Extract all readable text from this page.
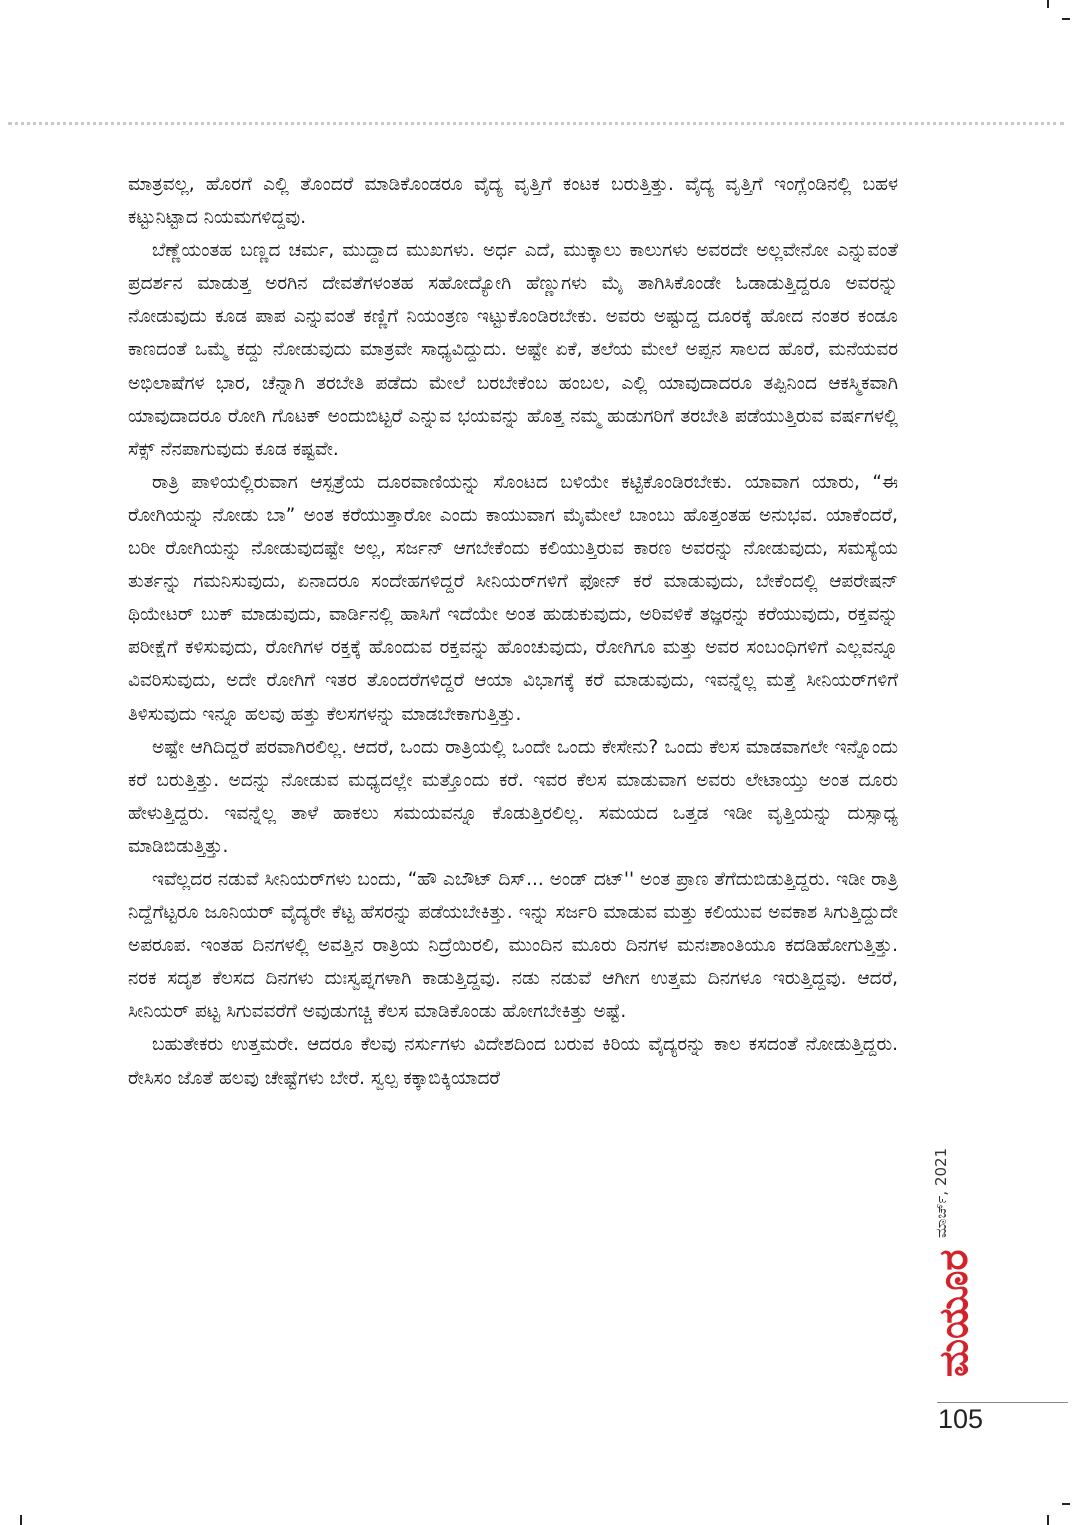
ಮಾತ್ರವಲ್ಲ, ಹೊರಗೆ ಎಲ್ಲಿ ತೊಂದರೆ ಮಾಡಿಕೊಂಡರೂ ವೈದ್ಯ ವೃತ್ತಿಗೆ ಕಂಟಕ ಬರುತ್ತಿತ್ತು. ವೈದ್ಯ ವೃತ್ತಿಗೆ ಇಂಗ್ಲೆಂಡಿನಲ್ಲಿ ಬಹಳ ಕಟ್ಟುನಿಟ್ಟಾದ ನಿಯಮಗಳಿದ್ದವು.

ಬೆಣ್ಣೆಯಂತಹ ಬಣ್ಣದ ಚರ್ಮ, ಮುದ್ದಾದ ಮುಖಗಳು. ಅರ್ಧ ಎದೆ, ಮುಕ್ಕಾಲು ಕಾಲುಗಳು ಅವರದೇ ಅಲ್ಲವೇನೋ ಎನ್ನುವಂತೆ ಪ್ರದರ್ಶನ ಮಾಡುತ್ತ ಅರಗಿನ ದೇವತೆಗಳಂತಹ ಸಹೋದ್ಯೋಗಿ ಹೆಣ್ಣುಗಳು ಮೈ ತಾಗಿಸಿಕೊಂಡೇ ಓಡಾಡುತ್ತಿದ್ದರೂ ಅವರನ್ನು ನೋಡುವುದು ಕೂಡ ಪಾಪ ಎನ್ನುವಂತೆ ಕಣ್ಣಿಗೆ ನಿಯಂತ್ರಣ ಇಟ್ಟುಕೊಂಡಿರಬೇಕು. ಅವರು ಅಷ್ಟುದ್ದ ದೂರಕ್ಕೆ ಹೋದ ನಂತರ ಕಂಡೂ ಕಾಣದಂತೆ ಒಮ್ಮೆ ಕದ್ದು ನೋಡುವುದು ಮಾತ್ರವೇ ಸಾಧ್ಯವಿದ್ದುದು. ಅಷ್ಟೇ ಏಕೆ, ತಲೆಯ ಮೇಲೆ ಅಪ್ಪನ ಸಾಲದ ಹೊರೆ, ಮನೆಯವರ ಅಭಿಲಾಷೆಗಳ ಭಾರ, ಚೆನ್ನಾಗಿ ತರಬೇತಿ ಪಡೆದು ಮೇಲೆ ಬರಬೇಕೆಂಬ ಹಂಬಲ, ಎಲ್ಲಿ ಯಾವುದಾದರೂ ತಪ್ಪಿನಿಂದ ಆಕಸ್ಮಿಕವಾಗಿ ಯಾವುದಾದರೂ ರೋಗಿ ಗೊಟಕ್ ಅಂದುಬಿಟ್ಟರೆ ಎನ್ನುವ ಭಯವನ್ನು ಹೊತ್ತ ನಮ್ಮ ಹುಡುಗರಿಗೆ ತರಬೇತಿ ಪಡೆಯುತ್ತಿರುವ ವರ್ಷಗಳಲ್ಲಿ ಸೆಕ್ಸ್ ನೆನಪಾಗುವುದು ಕೂಡ ಕಷ್ಟವೇ.

ರಾತ್ರಿ ಪಾಳಿಯಲ್ಲಿರುವಾಗ ಆಸ್ಪತ್ರೆಯ ದೂರವಾಣಿಯನ್ನು ಸೊಂಟದ ಬಳಿಯೇ ಕಟ್ಟಿಕೊಂಡಿರಬೇಕು. ಯಾವಾಗ ಯಾರು, “ಈ ರೋಗಿಯನ್ನು ನೋಡು ಬಾ” ಅಂತ ಕರೆಯುತ್ತಾರೋ ಎಂದು ಕಾಯುವಾಗ ಮೈಮೇಲೆ ಬಾಂಬು ಹೊತ್ತಂತಹ ಅನುಭವ. ಯಾಕೆಂದರೆ, ಬರೀ ರೋಗಿಯನ್ನು ನೋಡುವುದಷ್ಟೇ ಅಲ್ಲ, ಸರ್ಜನ್ ಆಗಬೇಕೆಂದು ಕಲಿಯುತ್ತಿರುವ ಕಾರಣ ಅವರನ್ನು ನೋಡುವುದು, ಸಮಸ್ಯೆಯ ತುರ್ತನ್ನು ಗಮನಿಸುವುದು, ಏನಾದರೂ ಸಂದೇಹಗಳಿದ್ದರೆ ಸೀನಿಯರ್‌ಗಳಿಗೆ ಫೋನ್ ಕರೆ ಮಾಡುವುದು, ಬೇಕೆಂದಲ್ಲಿ ಆಪರೇಷನ್ ಥಿಯೇಟರ್ ಬುಕ್ ಮಾಡುವುದು, ವಾರ್ಡಿನಲ್ಲಿ ಹಾಸಿಗೆ ಇದೆಯೇ ಅಂತ ಹುಡುಕುವುದು, ಅರಿವಳಿಕೆ ತಜ್ಞರನ್ನು ಕರೆಯುವುದು, ರಕ್ತವನ್ನು ಪರೀಕ್ಷೆಗೆ ಕಳಿಸುವುದು, ರೋಗಿಗಳ ರಕ್ತಕ್ಕೆ ಹೊಂದುವ ರಕ್ತವನ್ನು ಹೊಂಚುವುದು, ರೋಗಿಗೂ ಮತ್ತು ಅವರ ಸಂಬಂಧಿಗಳಿಗೆ ಎಲ್ಲವನ್ನೂ ವಿವರಿಸುವುದು, ಅದೇ ರೋಗಿಗೆ ಇತರ ತೊಂದರೆಗಳಿದ್ದರೆ ಆಯಾ ವಿಭಾಗಕ್ಕೆ ಕರೆ ಮಾಡುವುದು, ಇವನ್ನೆಲ್ಲ ಮತ್ತೆ ಸೀನಿಯರ್‌ಗಳಿಗೆ ತಿಳಿಸುವುದು ಇನ್ನೂ ಹಲವು ಹತ್ತು ಕೆಲಸಗಳನ್ನು ಮಾಡಬೇಕಾಗುತ್ತಿತ್ತು.

ಅಷ್ಟೇ ಆಗಿದಿದ್ದರೆ ಪರವಾಗಿರಲಿಲ್ಲ. ಆದರೆ, ಒಂದು ರಾತ್ರಿಯಲ್ಲಿ ಒಂದೇ ಒಂದು ಕೇಸೇನು? ಒಂದು ಕೆಲಸ ಮಾಡವಾಗಲೇ ಇನ್ನೊಂದು ಕರೆ ಬರುತ್ತಿತ್ತು. ಅದನ್ನು ನೋಡುವ ಮಧ್ಯದಲ್ಲೇ ಮತ್ತೊಂದು ಕರೆ. ಇವರ ಕೆಲಸ ಮಾಡುವಾಗ ಅವರು ಲೇಟಾಯ್ತು ಅಂತ ದೂರು ಹೇಳುತ್ತಿದ್ದರು. ಇವನ್ನೆಲ್ಲ ತಾಳೆ ಹಾಕಲು ಸಮಯವನ್ನೂ ಕೊಡುತ್ತಿರಲಿಲ್ಲ. ಸಮಯದ ಒತ್ತಡ ಇಡೀ ವೃತ್ತಿಯನ್ನು ದುಸ್ಸಾಧ್ಯ ಮಾಡಿಬಿಡುತ್ತಿತ್ತು.

ಇವೆಲ್ಲದರ ನಡುವೆ ಸೀನಿಯರ್‌ಗಳು ಬಂದು, “ಹೌ ಎಬೌಟ್ ದಿಸ್... ಅಂಡ್ ದಟ್'' ಅಂತ ಪ್ರಾಣ ತೆಗೆದುಬಿಡುತ್ತಿದ್ದರು. ಇಡೀ ರಾತ್ರಿ ನಿದ್ದೆಗೆಟ್ಟರೂ ಜೂನಿಯರ್ ವೈದ್ಯರೇ ಕೆಟ್ಟ ಹೆಸರನ್ನು ಪಡೆಯಬೇಕಿತ್ತು. ಇನ್ನು ಸರ್ಜರಿ ಮಾಡುವ ಮತ್ತು ಕಲಿಯುವ ಅವಕಾಶ ಸಿಗುತ್ತಿದ್ದುದೇ ಅಪರೂಪ. ಇಂತಹ ದಿನಗಳಲ್ಲಿ ಅವತ್ತಿನ ರಾತ್ರಿಯ ನಿದ್ರೆಯಿರಲಿ, ಮುಂದಿನ ಮೂರು ದಿನಗಳ ಮನಃಶಾಂತಿಯೂ ಕದಡಿಹೋಗುತ್ತಿತ್ತು. ನರಕ ಸದೃಶ ಕೆಲಸದ ದಿನಗಳು ದುಃಸ್ವಪ್ನಗಳಾಗಿ ಕಾಡುತ್ತಿದ್ದವು. ನಡು ನಡುವೆ ಆಗೀಗ ಉತ್ತಮ ದಿನಗಳೂ ಇರುತ್ತಿದ್ದವು. ಆದರೆ, ಸೀನಿಯರ್ ಪಟ್ಟ ಸಿಗುವವರೆಗೆ ಅವುಡುಗಚ್ಚಿ ಕೆಲಸ ಮಾಡಿಕೊಂಡು ಹೋಗಬೇಕಿತ್ತು ಅಷ್ಟೆ.

ಬಹುತೇಕರು ಉತ್ತಮರೇ. ಆದರೂ ಕೆಲವು ನರ್ಸುಗಳು ವಿದೇಶದಿಂದ ಬರುವ ಕಿರಿಯ ವೈದ್ಯರನ್ನು ಕಾಲ ಕಸದಂತೆ ನೋಡುತ್ತಿದ್ದರು. ರೇಸಿಸಂ ಜೊತೆ ಹಲವು ಚೇಷ್ಟೆಗಳು ಬೇರೆ. ಸ್ವಲ್ಪ ಕಕ್ಕಾಬಿಕ್ಕಿಯಾದರೆ

ಮಾರ್ಚ್, 2021
ಮಯೂರ
105
